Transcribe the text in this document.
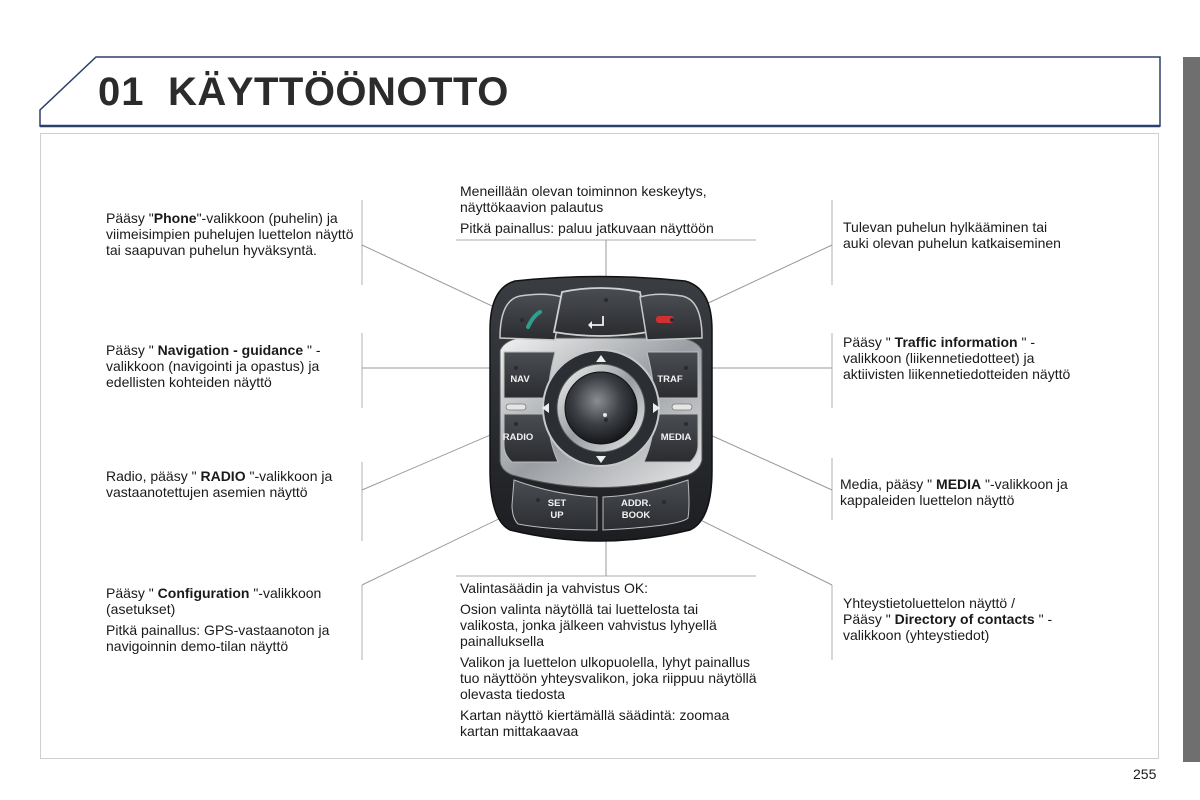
NAV	TRAF
RADIO	MEDIA
SET
UP
ADDR.
BOOK
01 KÄYTTÖÖNOTTO
Pääsy "Phone"-valikkoon (puhelin) ja viimeisimpien puhelujen luettelon näyttö tai saapuvan puhelun hyväksyntä.

Meneillään olevan toiminnon keskeytys, näyttökaavion palautus

Pitkä painallus: paluu jatkuvaan näyttöön	Tulevan puhelun hylkääminen tai auki olevan puhelun katkaiseminen
Pääsy " Navigation - guidance " -valikkoon (navigointi ja opastus) ja edellisten kohteiden näyttö
Pääsy " Traffic information " -valikkoon (liikennetiedotteet) ja aktiivisten liikennetiedotteiden näyttö
Radio, pääsy " RADIO "-valikkoon ja vastaanotettujen asemien näyttö	Media, pääsy " MEDIA "-valikkoon ja kappaleiden luettelon näyttö

Pääsy " Configuration "-valikkoon (asetukset)

Pitkä painallus: GPS-vastaanoton ja navigoinnin demo-tilan näyttö

Valintasäädin ja vahvistus OK:

Osion valinta näytöllä tai luettelosta tai valikosta, jonka jälkeen vahvistus lyhyellä painalluksella

Valikon ja luettelon ulkopuolella, lyhyt painallus tuo näyttöön yhteysvalikon, joka riippuu näytöllä olevasta tiedosta

Kartan näyttö kiertämällä säädintä: zoomaa kartan mittakaavaa

Yhteystietoluettelon näyttö /
Pääsy " Directory of contacts " -valikkoon (yhteystiedot)
255
